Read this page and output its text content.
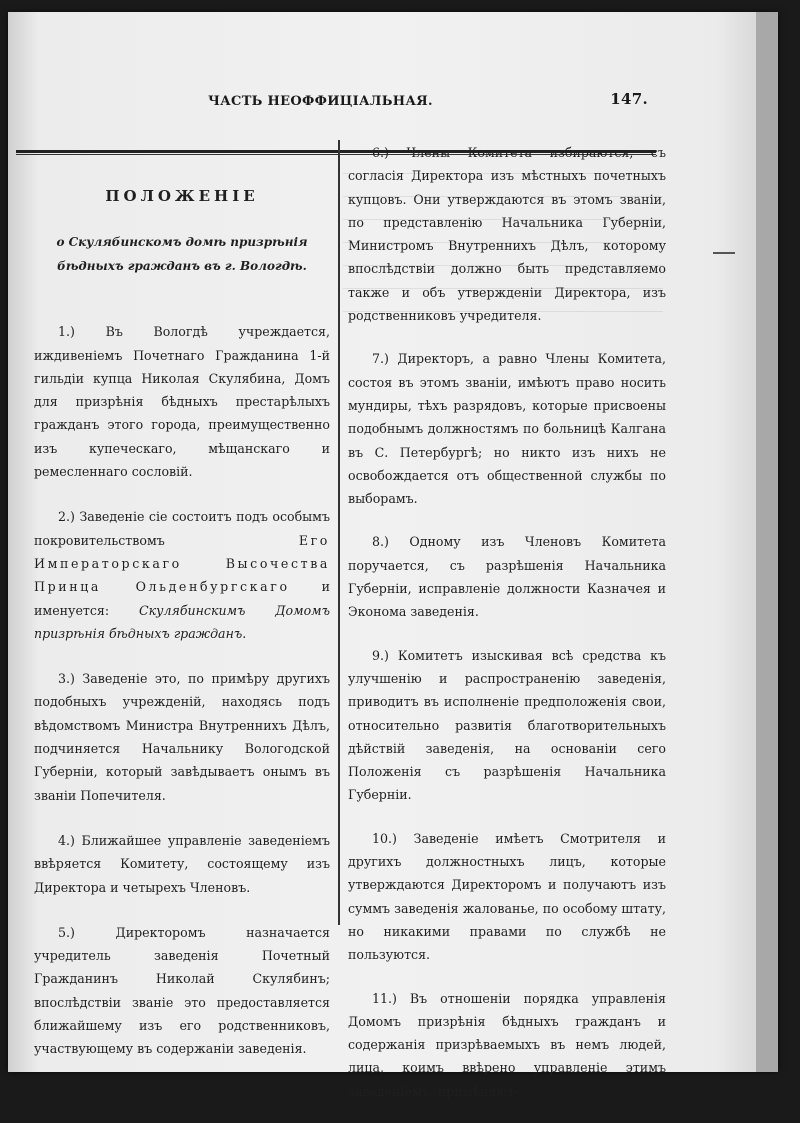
ЧАСТЬ НЕОФФИЦІАЛЬНАЯ.	147.
ПОЛОЖЕНІЕ
о Скулябинскомъ домѣ призрѣнія бѣдныхъ гражданъ въ г. Вологдѣ.
1.) Въ Вологдѣ учреждается, иждивеніемъ Почетнаго Гражданина 1-й гильдіи купца Николая Скулябина, Домъ для призрѣнія бѣдныхъ престарѣлыхъ гражданъ этого города, преимущественно изъ купеческаго, мѣщанскаго и ремесленнаго сословій.
2.) Заведеніе сіе состоитъ подъ особымъ покровительствомъ Его Императорскаго Высочества Принца Ольденбургскаго и именуется: Скулябинскимъ Домомъ призрѣнія бѣдныхъ гражданъ.
3.) Заведеніе это, по примѣру другихъ подобныхъ учрежденій, находясь подъ вѣдомствомъ Министра Внутреннихъ Дѣлъ, подчиняется Начальнику Вологодской Губерніи, который завѣдываетъ онымъ въ званіи Попечителя.
4.) Ближайшее управленіе заведеніемъ ввѣряется Комитету, состоящему изъ Директора и четырехъ Членовъ.
5.) Директоромъ назначается учредитель заведенія Почетный Гражданинъ Николай Скулябинъ; впослѣдствіи званіе это предоставляется ближайшему изъ его родственниковъ, участвующему въ содержаніи заведенія.
6.) Члены Комитета избираются, съ согласія Директора изъ мѣстныхъ почетныхъ купцовъ. Они утверждаются въ этомъ званіи, по представленію Начальника Губерніи, Министромъ Внутреннихъ Дѣлъ, которому впослѣдствіи должно быть представляемо также и объ утвержденіи Директора, изъ родственниковъ учредителя.
7.) Директоръ, а равно Члены Комитета, состоя въ этомъ званіи, имѣютъ право носить мундиры, тѣхъ разрядовъ, которые присвоены подобнымъ должностямъ по больницѣ Калгана въ С. Петербургѣ; но никто изъ нихъ не освобождается отъ общественной службы по выборамъ.
8.) Одному изъ Членовъ Комитета поручается, съ разрѣшенія Начальника Губерніи, исправленіе должности Казначея и Эконома заведенія.
9.) Комитетъ изыскивая всѣ средства къ улучшенію и распространенію заведенія, приводитъ въ исполненіе предположенія свои, относительно развитія благотворительныхъ дѣйствій заведенія, на основаніи сего Положенія съ разрѣшенія Начальника Губерніи.
10.) Заведеніе имѣетъ Смотрителя и другихъ должностныхъ лицъ, которые утверждаются Директоромъ и получаютъ изъ суммъ заведенія жалованье, по особому штату, но никакими правами по службѣ не пользуются.
11.) Въ отношеніи порядка управленія Домомъ призрѣнія бѣдныхъ гражданъ и содержанія призрѣваемыхъ въ немъ людей, лица, коимъ ввѣрено управленіе этимъ заведеніемъ, примѣняют-
